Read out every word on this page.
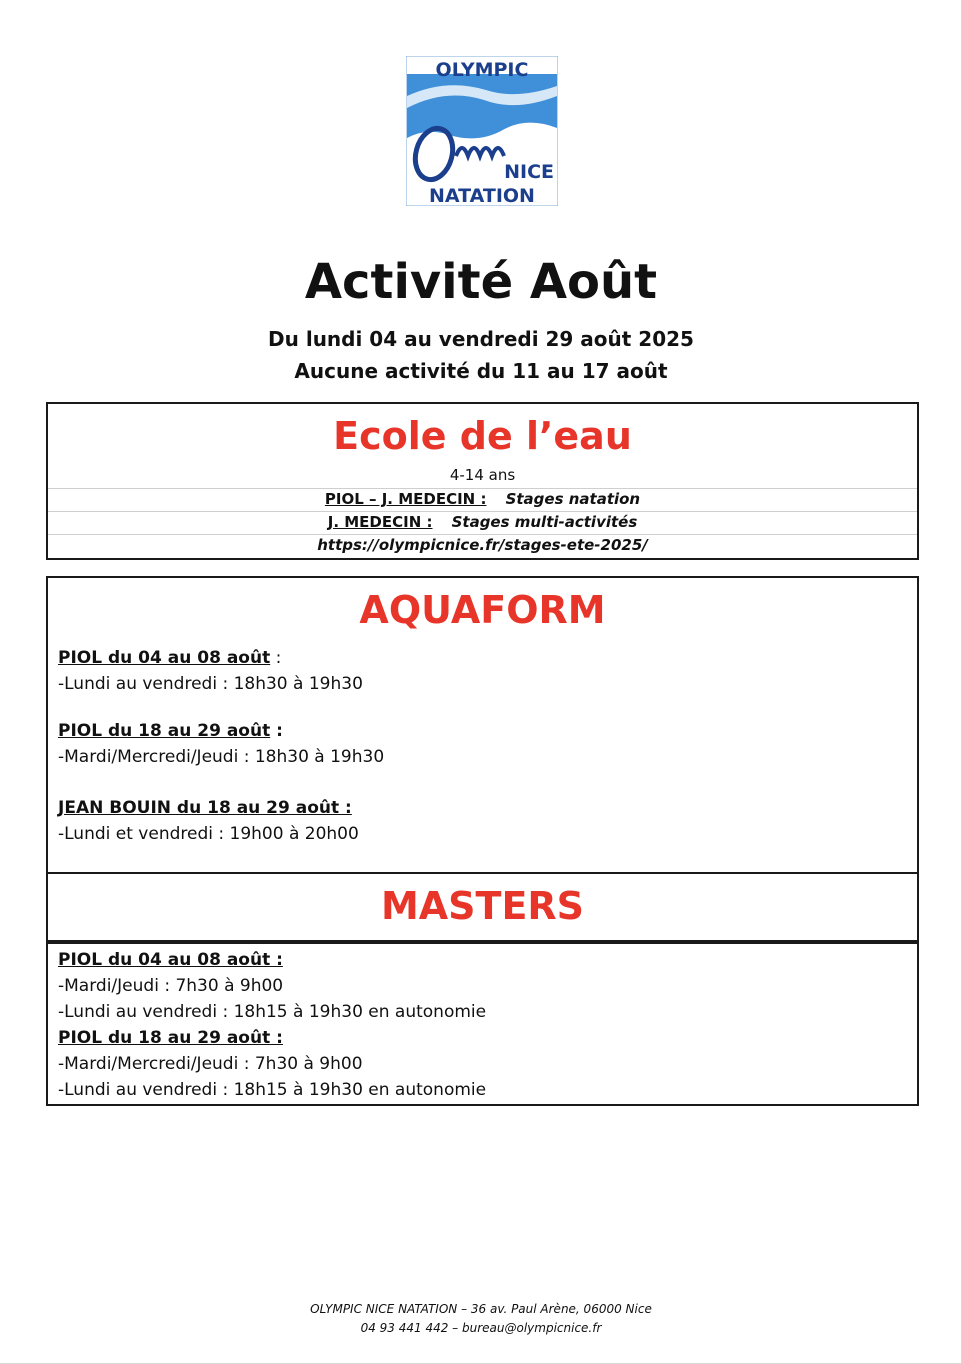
OLYMPIC
NICE
NATATION
Activité Août
Du lundi 04 au vendredi 29 août 2025
Aucune activité du 11 au 17 août
Ecole de l’eau
4-14 ans
PIOL – J. MEDECIN : Stages natation
J. MEDECIN : Stages multi-activités
https://olympicnice.fr/stages-ete-2025/
AQUAFORM
PIOL du 04 au 08 août :
-Lundi au vendredi : 18h30 à 19h30
PIOL du 18 au 29 août :
-Mardi/Mercredi/Jeudi : 18h30 à 19h30
JEAN BOUIN du 18 au 29 août :
-Lundi et vendredi : 19h00 à 20h00
MASTERS
PIOL du 04 au 08 août :
-Mardi/Jeudi : 7h30 à 9h00
-Lundi au vendredi : 18h15 à 19h30 en autonomie
PIOL du 18 au 29 août :
-Mardi/Mercredi/Jeudi : 7h30 à 9h00
-Lundi au vendredi : 18h15 à 19h30 en autonomie
OLYMPIC NICE NATATION – 36 av. Paul Arène, 06000 Nice
04 93 441 442 – bureau@olympicnice.fr
